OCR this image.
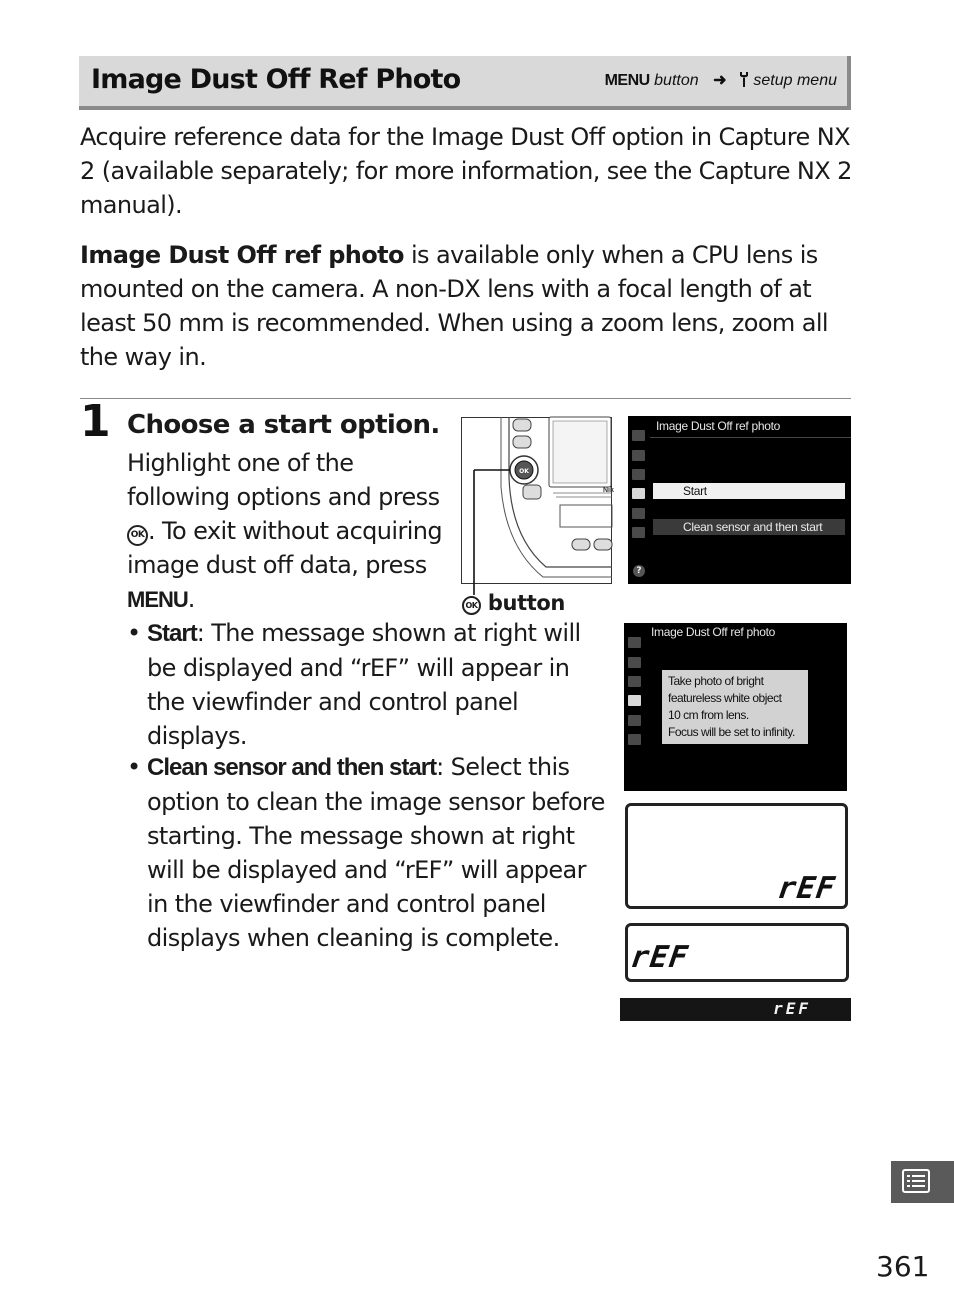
Image Dust Off Ref Photo	MENU button ➜ setup menu
Acquire reference data for the Image Dust Off option in Capture NX 2 (available separately; for more information, see the Capture NX 2 manual).
Image Dust Off ref photo is available only when a CPU lens is mounted on the camera. A non-DX lens with a focal length of at least 50 mm is recommended. When using a zoom lens, zoom all the way in.
1 Choose a start option.
Highlight one of the following options and press OK . To exit without acquiring image dust off data, press MENU.
• Start: The message shown at right will be displayed and “rEF” will appear in the viewfinder and control panel displays.
• Clean sensor and then start: Select this option to clean the image sensor before starting. The message shown at right will be displayed and “rEF” will appear in the viewfinder and control panel displays when cleaning is complete.
OK
Nik
OK button
?
Image Dust Off ref photo
Start
Clean sensor and then start
Image Dust Off ref photo
Take photo of bright
featureless white object
10 cm from lens.
Focus will be set to infinity.
rEF
rEF
rEF
361
